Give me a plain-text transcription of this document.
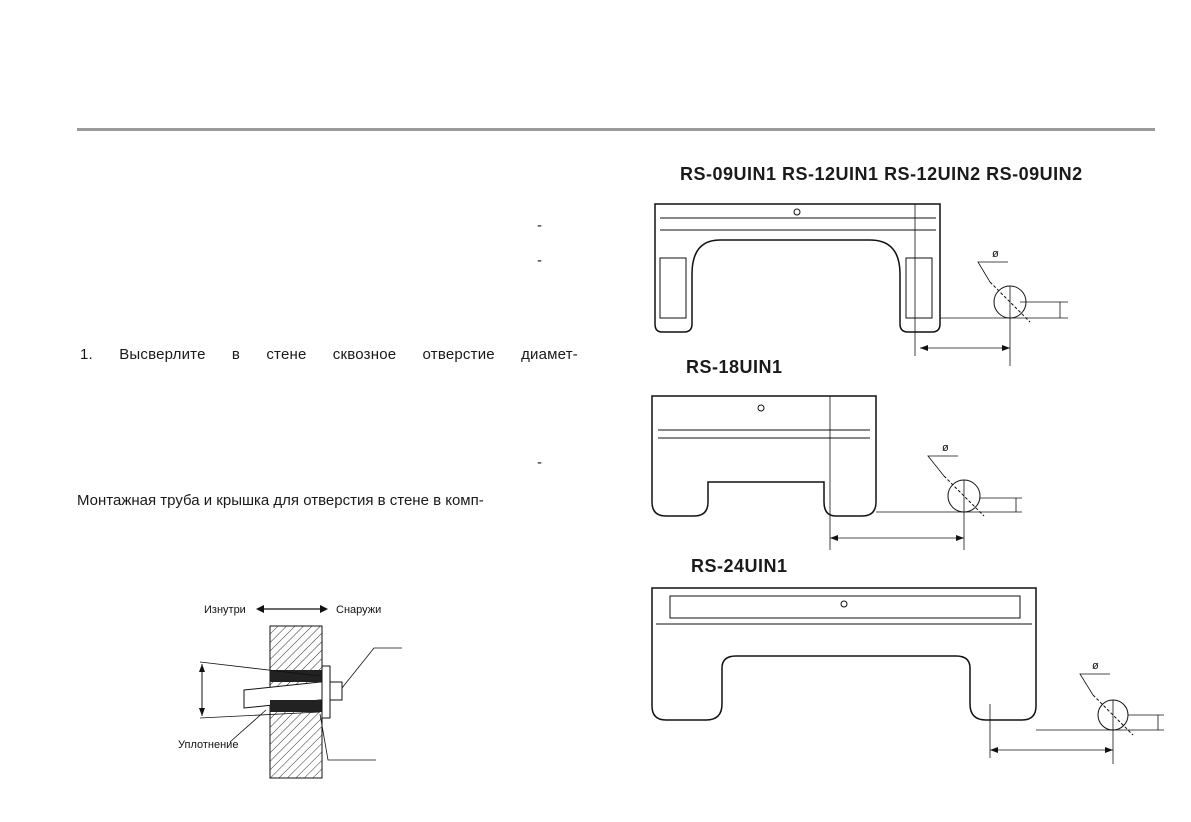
-
-
-
1. Высверлите в стене сквозное отверстие диамет-
Монтажная труба и крышка для отверстия в стене в комп-
Изнутри	Снаружи
Уплотнение
RS-09UIN1 RS-12UIN1 RS-12UIN2 RS-09UIN2
RS-18UIN1
RS-24UIN1
ø
ø
ø
